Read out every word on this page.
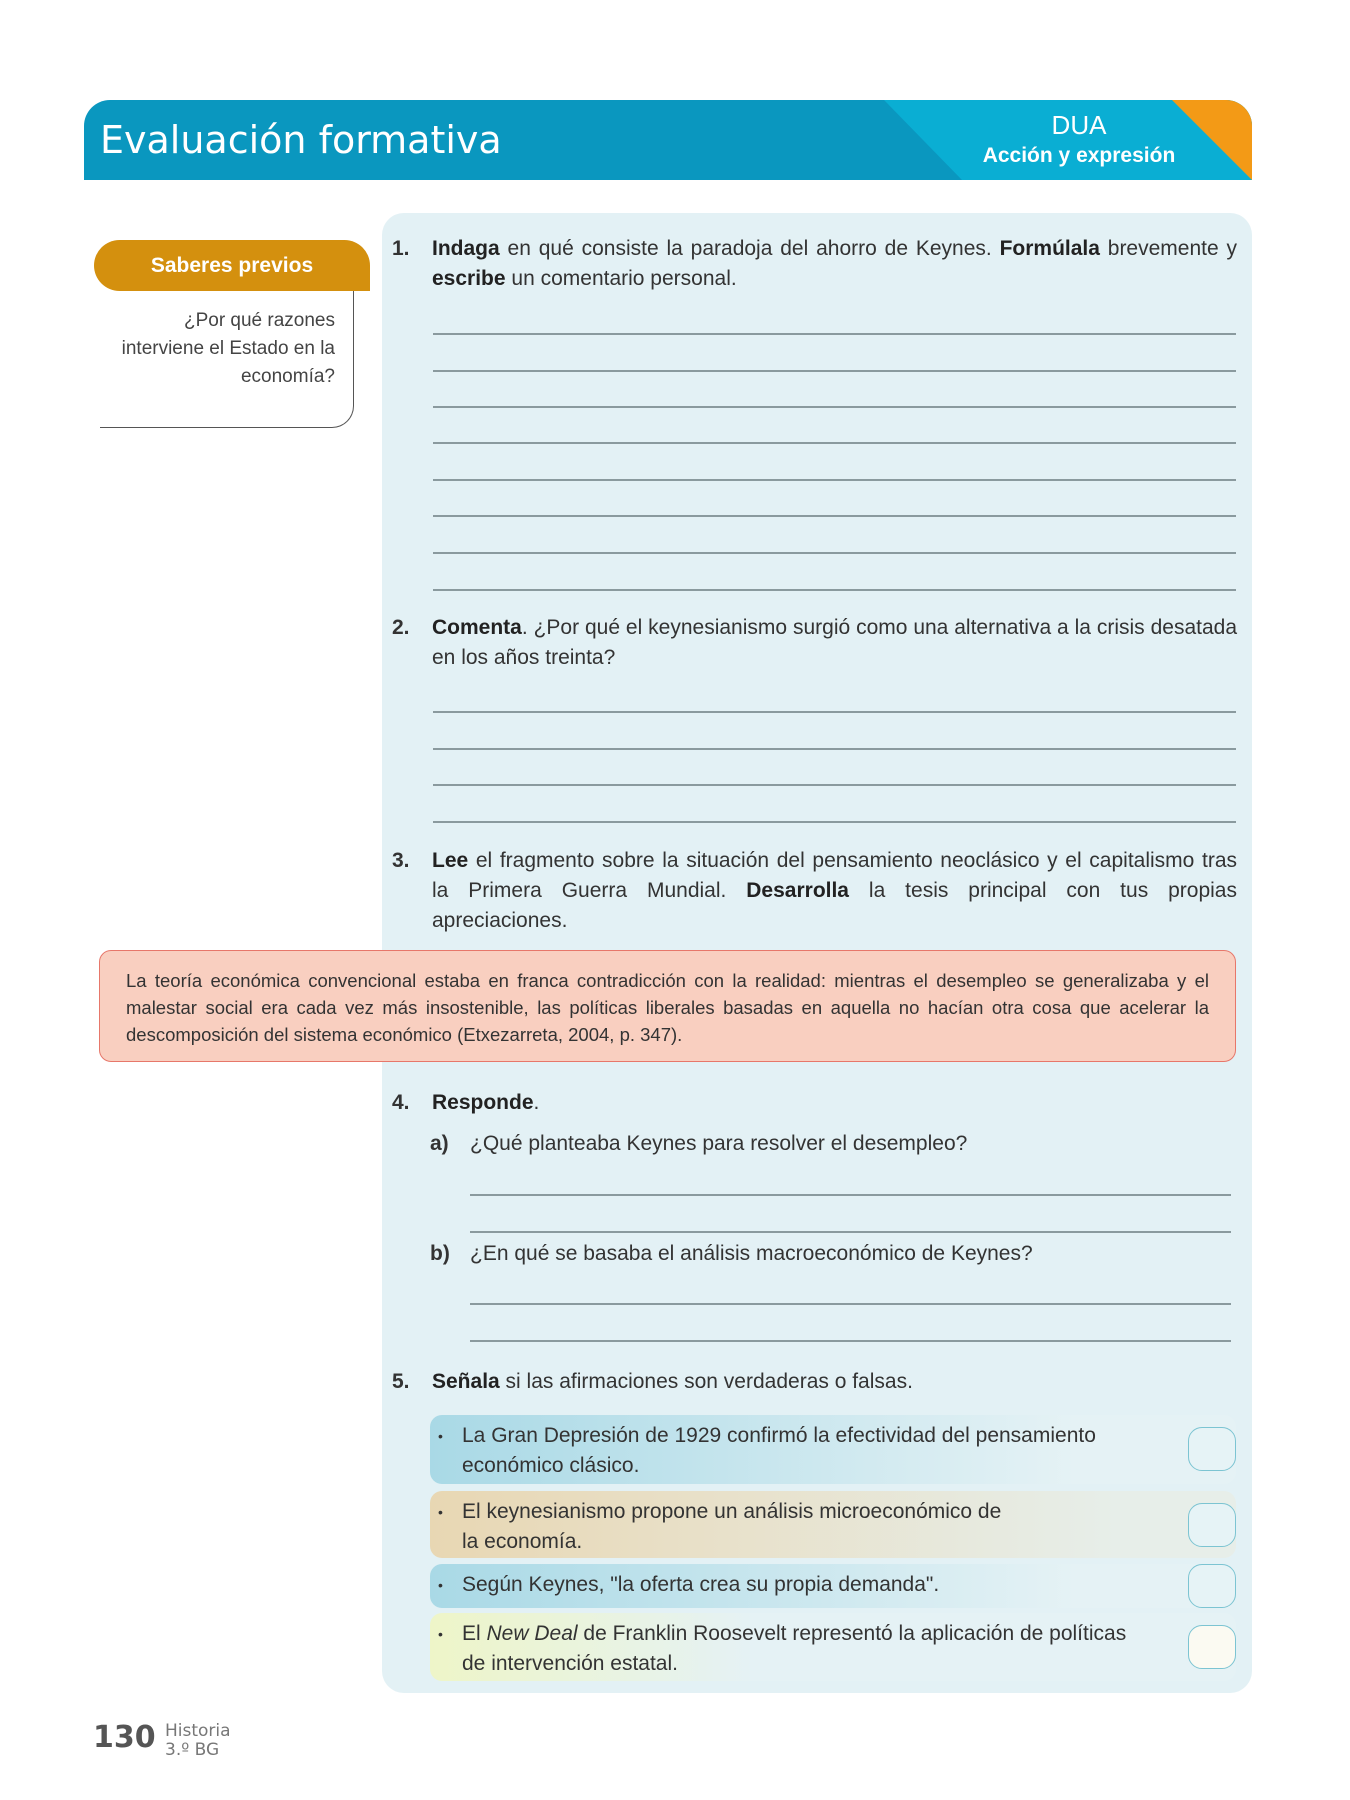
Evaluación formativa	DUA
Acción y expresión
Saberes previos
¿Por qué razones interviene el Estado en la economía?
1. Indaga en qué consiste la paradoja del ahorro de Keynes. Formúlala brevemente y escribe un comentario personal.
2. Comenta. ¿Por qué el keynesianismo surgió como una alternativa a la crisis desatada en los años treinta?
3. Lee el fragmento sobre la situación del pensamiento neoclásico y el capitalismo tras la Primera Guerra Mundial. Desarrolla la tesis principal con tus propias apreciaciones.
La teoría económica convencional estaba en franca contradicción con la realidad: mientras el desempleo se generalizaba y el malestar social era cada vez más insostenible, las políticas liberales basadas en aquella no hacían otra cosa que acelerar la descomposición del sistema económico (Etxezarreta, 2004, p. 347).
4. Responde.
a) ¿Qué planteaba Keynes para resolver el desempleo?
b) ¿En qué se basaba el análisis macroeconómico de Keynes?
5. Señala si las afirmaciones son verdaderas o falsas.
• La Gran Depresión de 1929 confirmó la efectividad del pensamiento económico clásico.
• El keynesianismo propone un análisis microeconómico de la economía.
• Según Keynes, "la oferta crea su propia demanda".
• El New Deal de Franklin Roosevelt representó la aplicación de políticas de intervención estatal.
130 Historia
3.º BG
